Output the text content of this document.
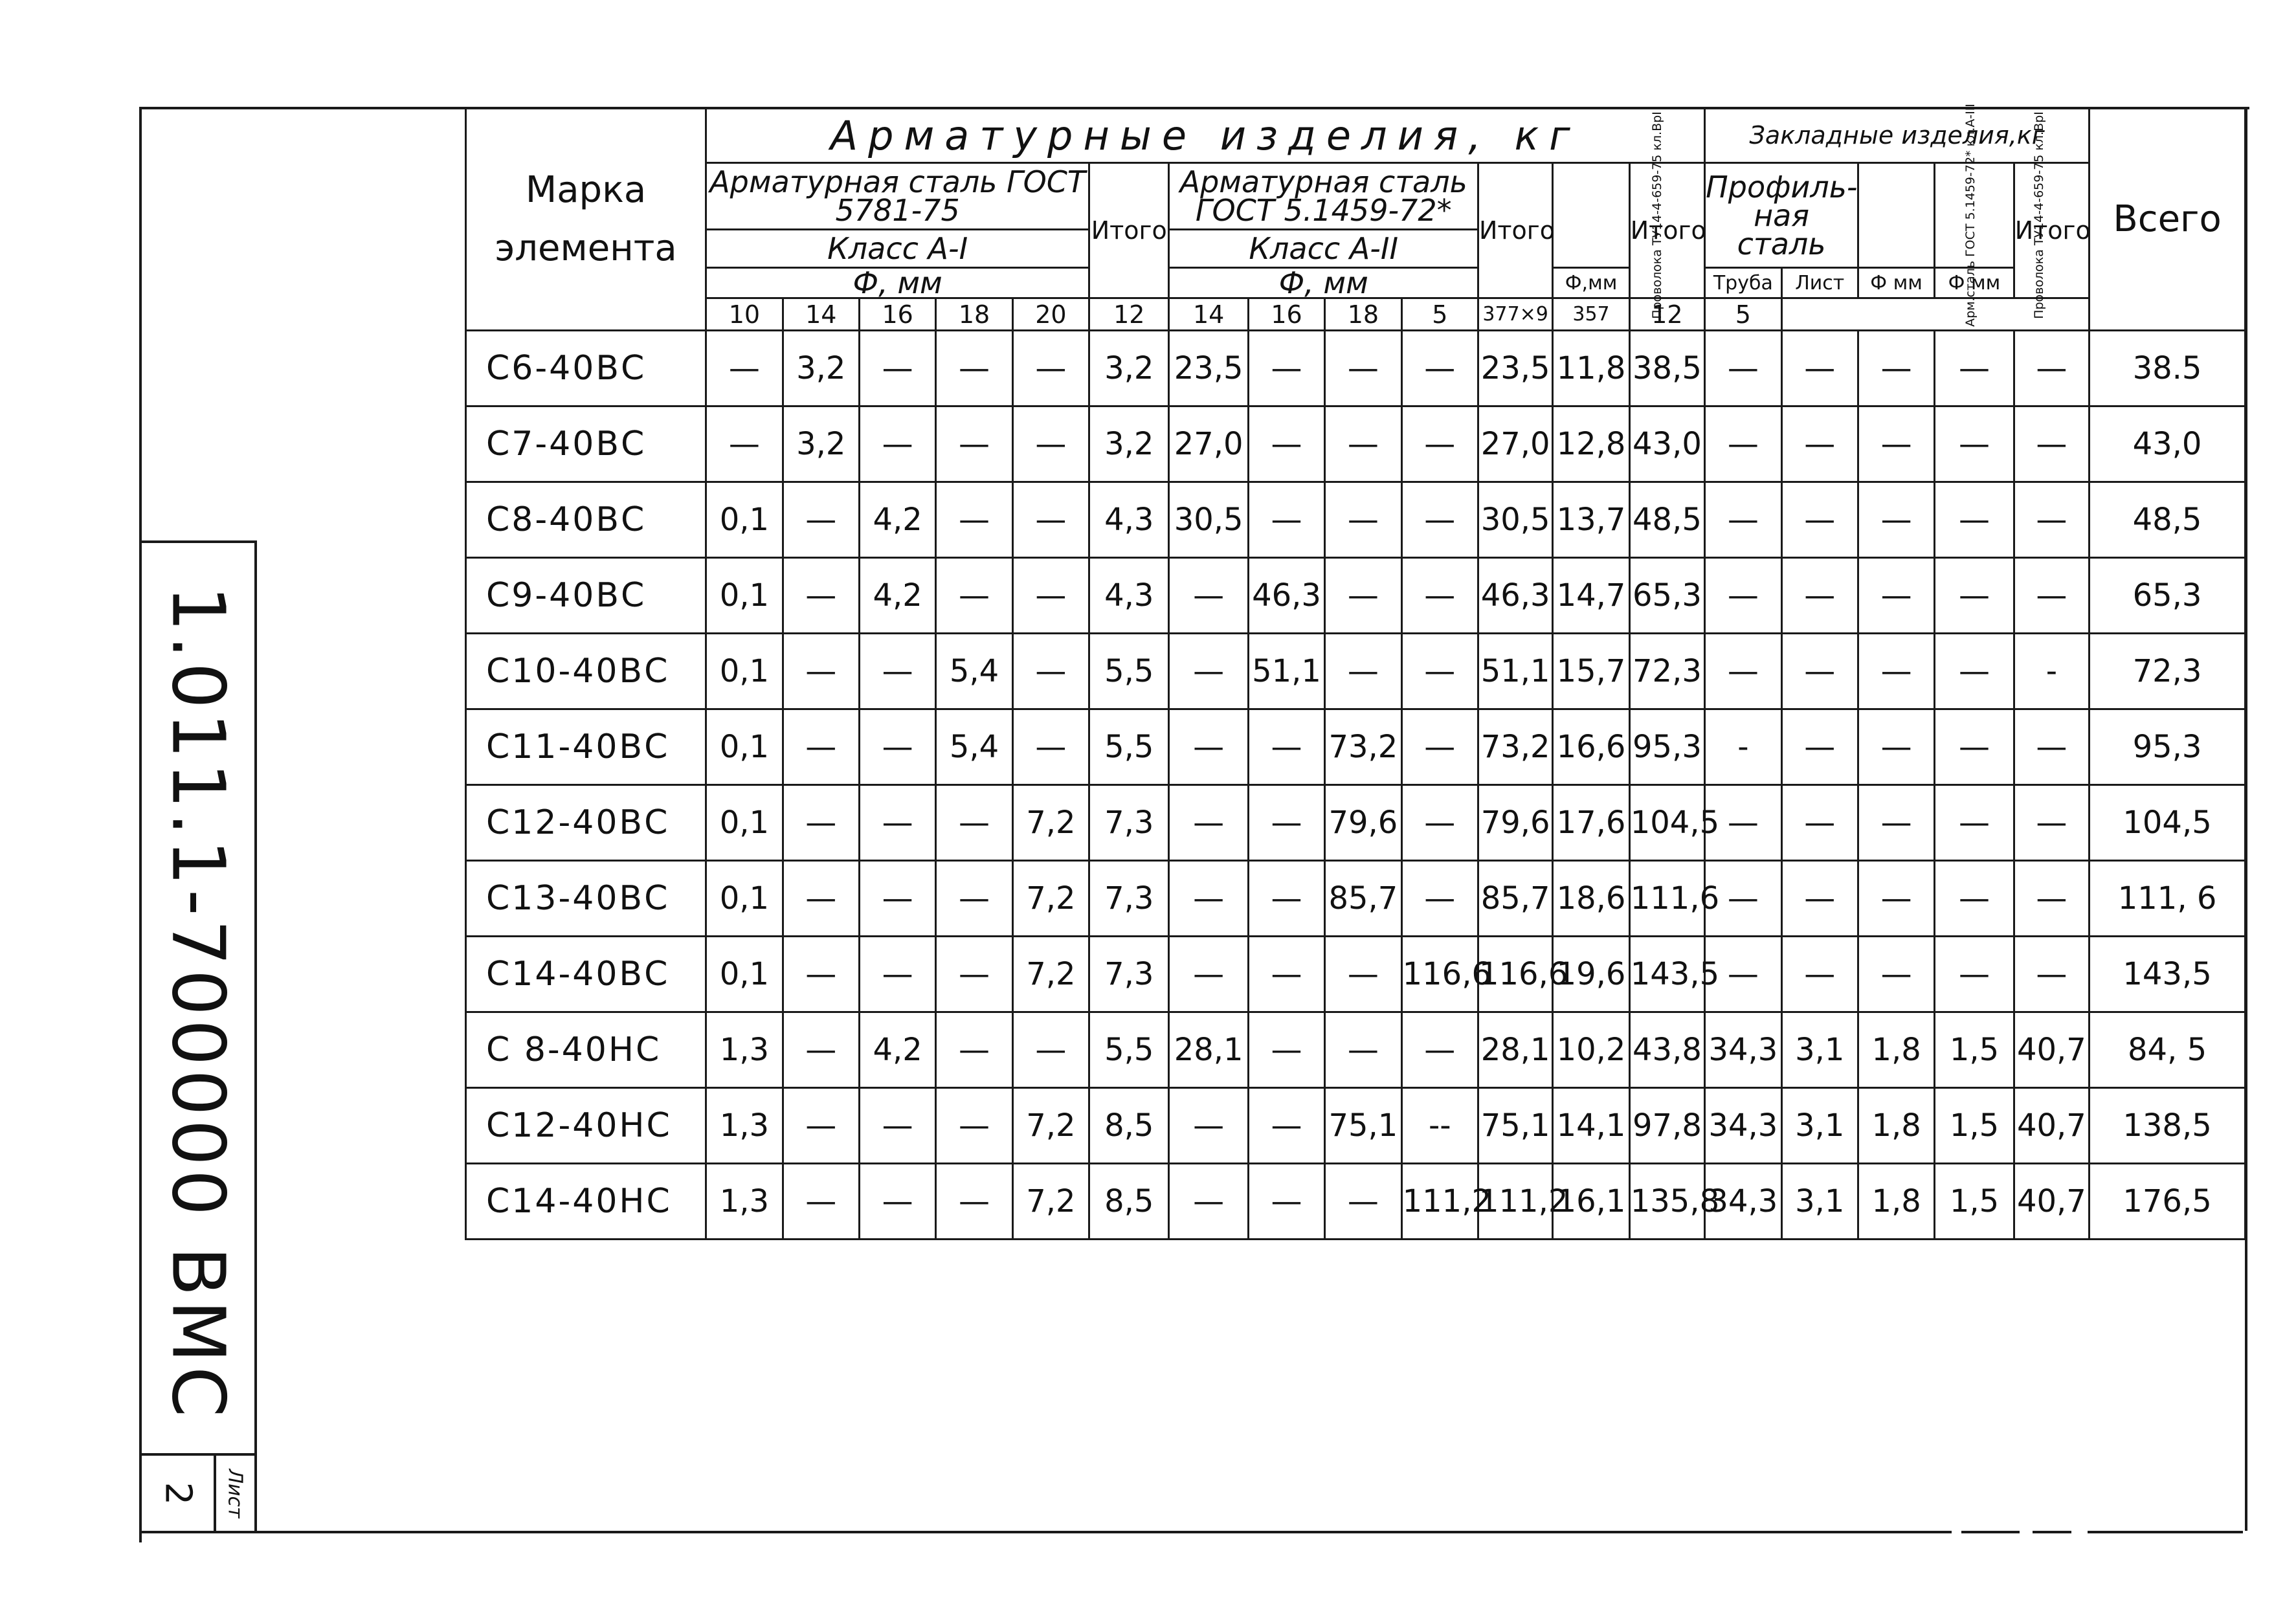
1.011.1-700000 ВМС
Лист
2
Марка элемента	Арматурные изделия, кг													Закладные изделия,кг					Всего
	Арматурная сталь ГОСТ 5781-75					Итого	Арматурная сталь ГОСТ 5.1459-72*				Итого	Проволока ТУ14-4-659-75 кл.ВрI	Итого	Профиль-ная сталь		Арм.сталь ГОСТ 5.1459-72* кл.А-III	Проволока ТУ14-4-659-75 кл.ВрI	Итого	
	Класс А-I						Класс А-II												
	Ф, мм						Ф, мм					Ф,мм		Труба	Лист	Ф мм	Ф мм		

	10	14	16	18	20	12	14	16	18	5	377×9	357	12	5					
С6-40ВС	—	3,2	—	—	—	3,2	23,5	—	—	—	23,5	11,8	38,5	—	—	—	—	—	38.5
С7-40ВС	—	3,2	—	—	—	3,2	27,0	—	—	—	27,0	12,8	43,0	—	—	—	—	—	43,0
С8-40ВС	0,1	—	4,2	—	—	4,3	30,5	—	—	—	30,5	13,7	48,5	—	—	—	—	—	48,5
С9-40ВС	0,1	—	4,2	—	—	4,3	—	46,3	—	—	46,3	14,7	65,3	—	—	—	—	—	65,3
С10-40ВС	0,1	—	—	5,4	—	5,5	—	51,1	—	—	51,1	15,7	72,3	—	—	—	—	-	72,3
С11-40ВС	0,1	—	—	5,4	—	5,5	—	—	73,2	—	73,2	16,6	95,3	-	—	—	—	—	95,3
С12-40ВС	0,1	—	—	—	7,2	7,3	—	—	79,6	—	79,6	17,6	104,5	—	—	—	—	—	104,5
С13-40ВС	0,1	—	—	—	7,2	7,3	—	—	85,7	—	85,7	18,6	111,6	—	—	—	—	—	111, 6
С14-40ВС	0,1	—	—	—	7,2	7,3	—	—	—	116,6	116,6	19,6	143,5	—	—	—	—	—	143,5
С 8-40НС	1,3	—	4,2	—	—	5,5	28,1	—	—	—	28,1	10,2	43,8	34,3	3,1	1,8	1,5	40,7	84, 5
С12-40НС	1,3	—	—	—	7,2	8,5	—	—	75,1	--	75,1	14,1	97,8	34,3	3,1	1,8	1,5	40,7	138,5
С14-40НС	1,3	—	—	—	7,2	8,5	—	—	—	111,2	111,2	16,1	135,8	34,3	3,1	1,8	1,5	40,7	176,5
